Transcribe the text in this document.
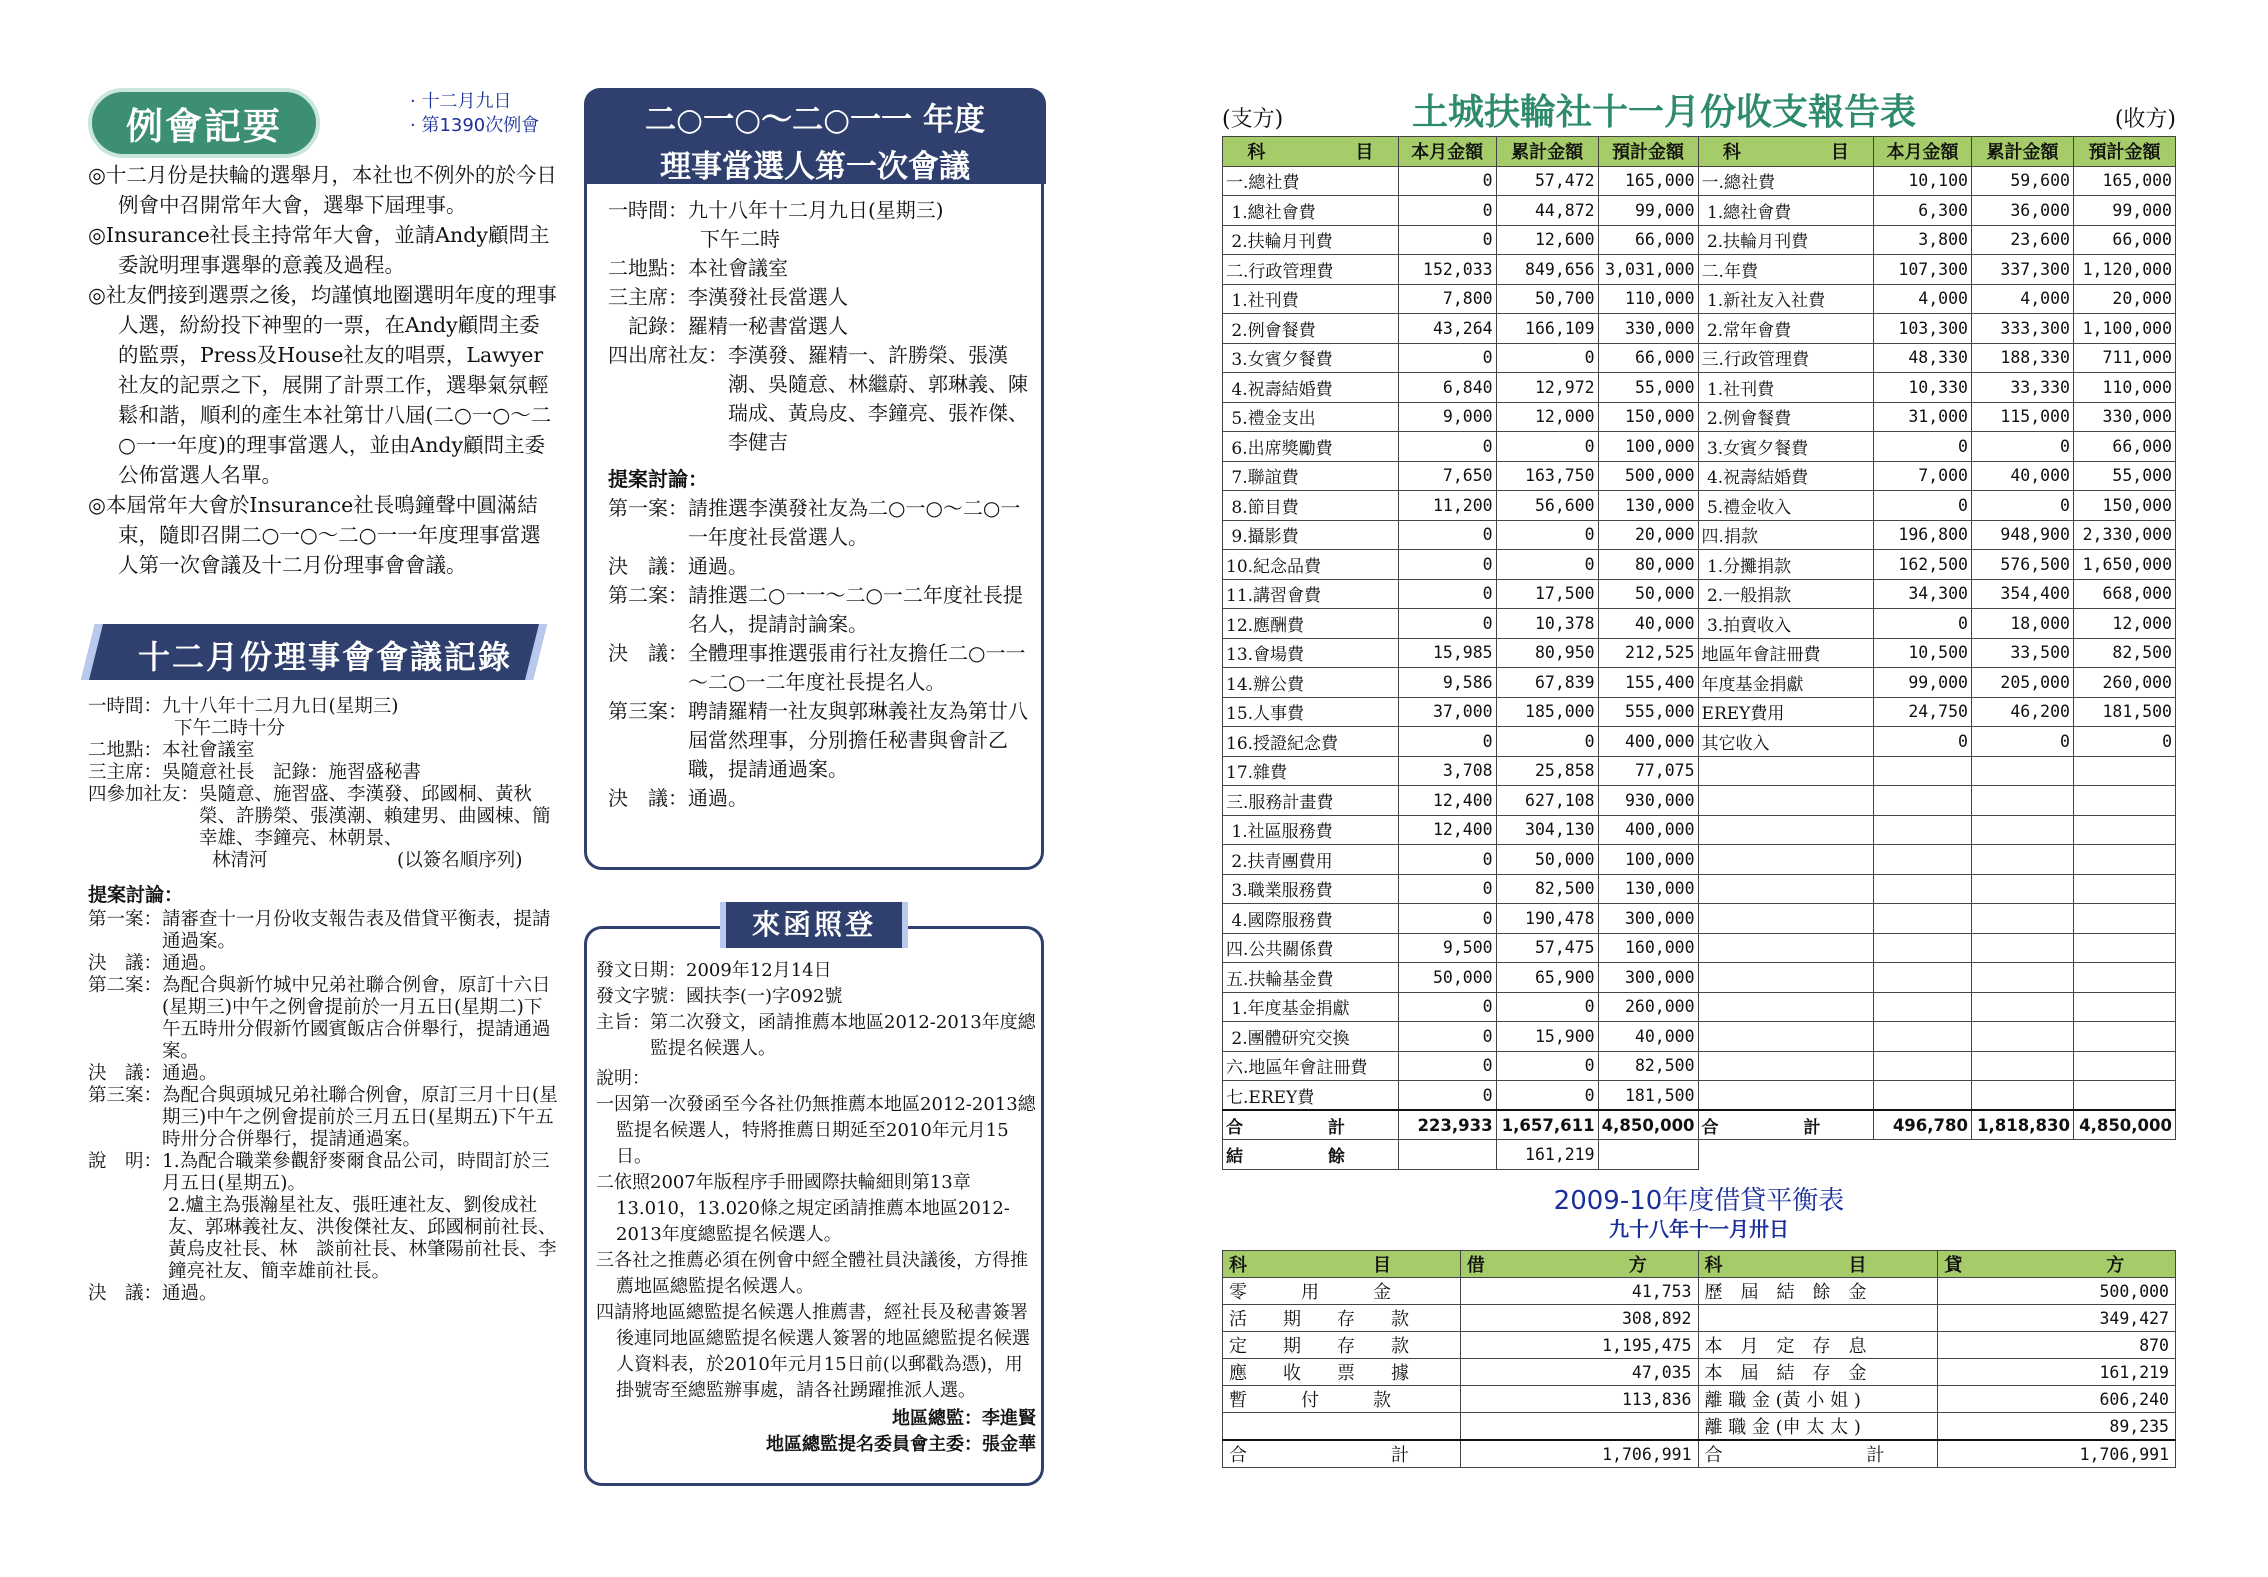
例會記要
· 十二月九日
· 第1390次例會

◎十二月份是扶輪的選舉月，本社也不例外的於今日例會中召開常年大會，選舉下屆理事。

◎Insurance社長主持常年大會，並請Andy顧問主委說明理事選舉的意義及過程。

◎社友們接到選票之後，均謹慎地圈選明年度的理事人選，紛紛投下神聖的一票，在Andy顧問主委的監票，Press及House社友的唱票，Lawyer社友的記票之下，展開了計票工作，選舉氣氛輕鬆和諧，順利的產生本社第廿八屆(二○一○～二○一一年度)的理事當選人，並由Andy顧問主委公佈當選人名單。

◎本屆常年大會於Insurance社長鳴鐘聲中圓滿結束，隨即召開二○一○～二○一一年度理事當選人第一次會議及十二月份理事會會議。

十二月份理事會會議記錄
一時間： 九十八年十二月九日(星期三)
下午二時十分
二地點： 本社會議室
三主席： 吳隨意社長　記錄：施習盛秘書
四參加社友： 吳隨意、施習盛、李漢發、邱國桐、黃秋榮、許勝榮、張漢潮、賴建男、曲國棟、簡幸雄、李鐘亮、林朝景、
林清河　　　　　　　(以簽名順序列)
提案討論：
第一案： 請審查十一月份收支報告表及借貸平衡表，提請通過案。
決　議： 通過。
第二案： 為配合與新竹城中兄弟社聯合例會，原訂十六日(星期三)中午之例會提前於一月五日(星期二)下午五時卅分假新竹國賓飯店合併舉行，提請通過案。
決　議： 通過。
第三案： 為配合與頭城兄弟社聯合例會，原訂三月十日(星期三)中午之例會提前於三月五日(星期五)下午五時卅分合併舉行，提請通過案。
說　明： 1.為配合職業參觀舒麥爾食品公司，時間訂於三月五日(星期五)。
2.爐主為張瀚星社友、張旺連社友、劉俊成社友、郭琳義社友、洪俊傑社友、邱國桐前社長、黃烏皮社長、林　談前社長、林肇陽前社長、李鐘亮社友、簡幸雄前社長。
決　議： 通過。
二○一○～二○一一 年度
理事當選人第一次會議
一時間： 九十八年十二月九日(星期三)
下午二時
二地點： 本社會議室
三主席： 李漢發社長當選人
　記錄： 羅精一秘書當選人
四出席社友： 李漢發、羅精一、許勝榮、張漢潮、吳隨意、林繼蔚、郭琳義、陳瑞成、黃烏皮、李鐘亮、張祚傑、李健吉
提案討論：
第一案： 請推選李漢發社友為二○一○～二○一一年度社長當選人。
決　議： 通過。
第二案： 請推選二○一一～二○一二年度社長提名人，提請討論案。
決　議： 全體理事推選張甫行社友擔任二○一一～二○一二年度社長提名人。
第三案： 聘請羅精一社友與郭琳義社友為第廿八屆當然理事，分別擔任秘書與會計乙職，提請通過案。
決　議： 通過。
來函照登
發文日期： 2009年12月14日
發文字號： 國扶李(一)字092號
主旨： 第二次發文，函請推薦本地區2012-2013年度總監提名候選人。
說明：
一因第一次發函至今各社仍無推薦本地區2012-2013總監提名候選人，特將推薦日期延至2010年元月15日。
二依照2007年版程序手冊國際扶輪細則第13章13.010，13.020條之規定函請推薦本地區2012-2013年度總監提名候選人。
三各社之推薦必須在例會中經全體社員決議後，方得推薦地區總監提名候選人。
四請將地區總監提名候選人推薦書，經社長及秘書簽署後連同地區總監提名候選人簽署的地區總監提名候選人資料表，於2010年元月15日前(以郵戳為憑)，用掛號寄至總監辦事處，請各社踴躍推派人選。
地區總監：李進賢
地區總監提名委員會主委：張金華
(支方)	土城扶輪社十一月份收支報告表	(收方)
科　　　　　目	本月金額	累計金額	預計金額	科　　　　　目	本月金額	累計金額	預計金額
一.總社費	0	57,472	165,000	一.總社費	10,100	59,600	165,000
1.總社會費	0	44,872	99,000	1.總社會費	6,300	36,000	99,000
2.扶輪月刊費	0	12,600	66,000	2.扶輪月刊費	3,800	23,600	66,000
二.行政管理費	152,033	849,656	3,031,000	二.年費	107,300	337,300	1,120,000
1.社刊費	7,800	50,700	110,000	1.新社友入社費	4,000	4,000	20,000
2.例會餐費	43,264	166,109	330,000	2.常年會費	103,300	333,300	1,100,000
3.女賓夕餐費	0	0	66,000	三.行政管理費	48,330	188,330	711,000
4.祝壽結婚費	6,840	12,972	55,000	1.社刊費	10,330	33,330	110,000
5.禮金支出	9,000	12,000	150,000	2.例會餐費	31,000	115,000	330,000
6.出席獎勵費	0	0	100,000	3.女賓夕餐費	0	0	66,000
7.聯誼費	7,650	163,750	500,000	4.祝壽結婚費	7,000	40,000	55,000
8.節目費	11,200	56,600	130,000	5.禮金收入	0	0	150,000
9.攝影費	0	0	20,000	四.捐款	196,800	948,900	2,330,000
10.紀念品費	0	0	80,000	1.分攤捐款	162,500	576,500	1,650,000
11.講習會費	0	17,500	50,000	2.一般捐款	34,300	354,400	668,000
12.應酬費	0	10,378	40,000	3.拍賣收入	0	18,000	12,000
13.會場費	15,985	80,950	212,525	地區年會註冊費	10,500	33,500	82,500
14.辦公費	9,586	67,839	155,400	年度基金捐獻	99,000	205,000	260,000
15.人事費	37,000	185,000	555,000	EREY費用	24,750	46,200	181,500
16.授證紀念費	0	0	400,000	其它收入	0	0	0
17.雜費	3,708	25,858	77,075				
三.服務計畫費	12,400	627,108	930,000				
1.社區服務費	12,400	304,130	400,000				
2.扶青團費用	0	50,000	100,000				
3.職業服務費	0	82,500	130,000				
4.國際服務費	0	190,478	300,000				
四.公共關係費	9,500	57,475	160,000				
五.扶輪基金費	50,000	65,900	300,000				
1.年度基金捐獻	0	0	260,000				
2.團體研究交換	0	15,900	40,000				
六.地區年會註冊費	0	0	82,500				
七.EREY費	0	0	181,500				
合　　　　　計	223,933	1,657,611	4,850,000	合　　　　　計	496,780	1,818,830	4,850,000
結　　　　　餘		161,219					
2009-10年度借貸平衡表
九十八年十一月卅日
科　　　　　　　目	借　　　　　　　　方	科　　　　　　　目	貸　　　　　　　　方
零　　　用　　　金	41,753	歷　屆　結　餘　金	500,000
活　　期　　存　　款	308,892		349,427
定　　期　　存　　款	1,195,475	本　月　定　存　息	870
應　　收　　票　　據	47,035	本　屆　結　存　金	161,219
暫　　　付　　　款	113,836	離 職 金 (黃 小 姐 )	606,240
		離 職 金 (申 太 太 )	89,235
合　　　　　　　　計	1,706,991	合　　　　　　　　計	1,706,991
